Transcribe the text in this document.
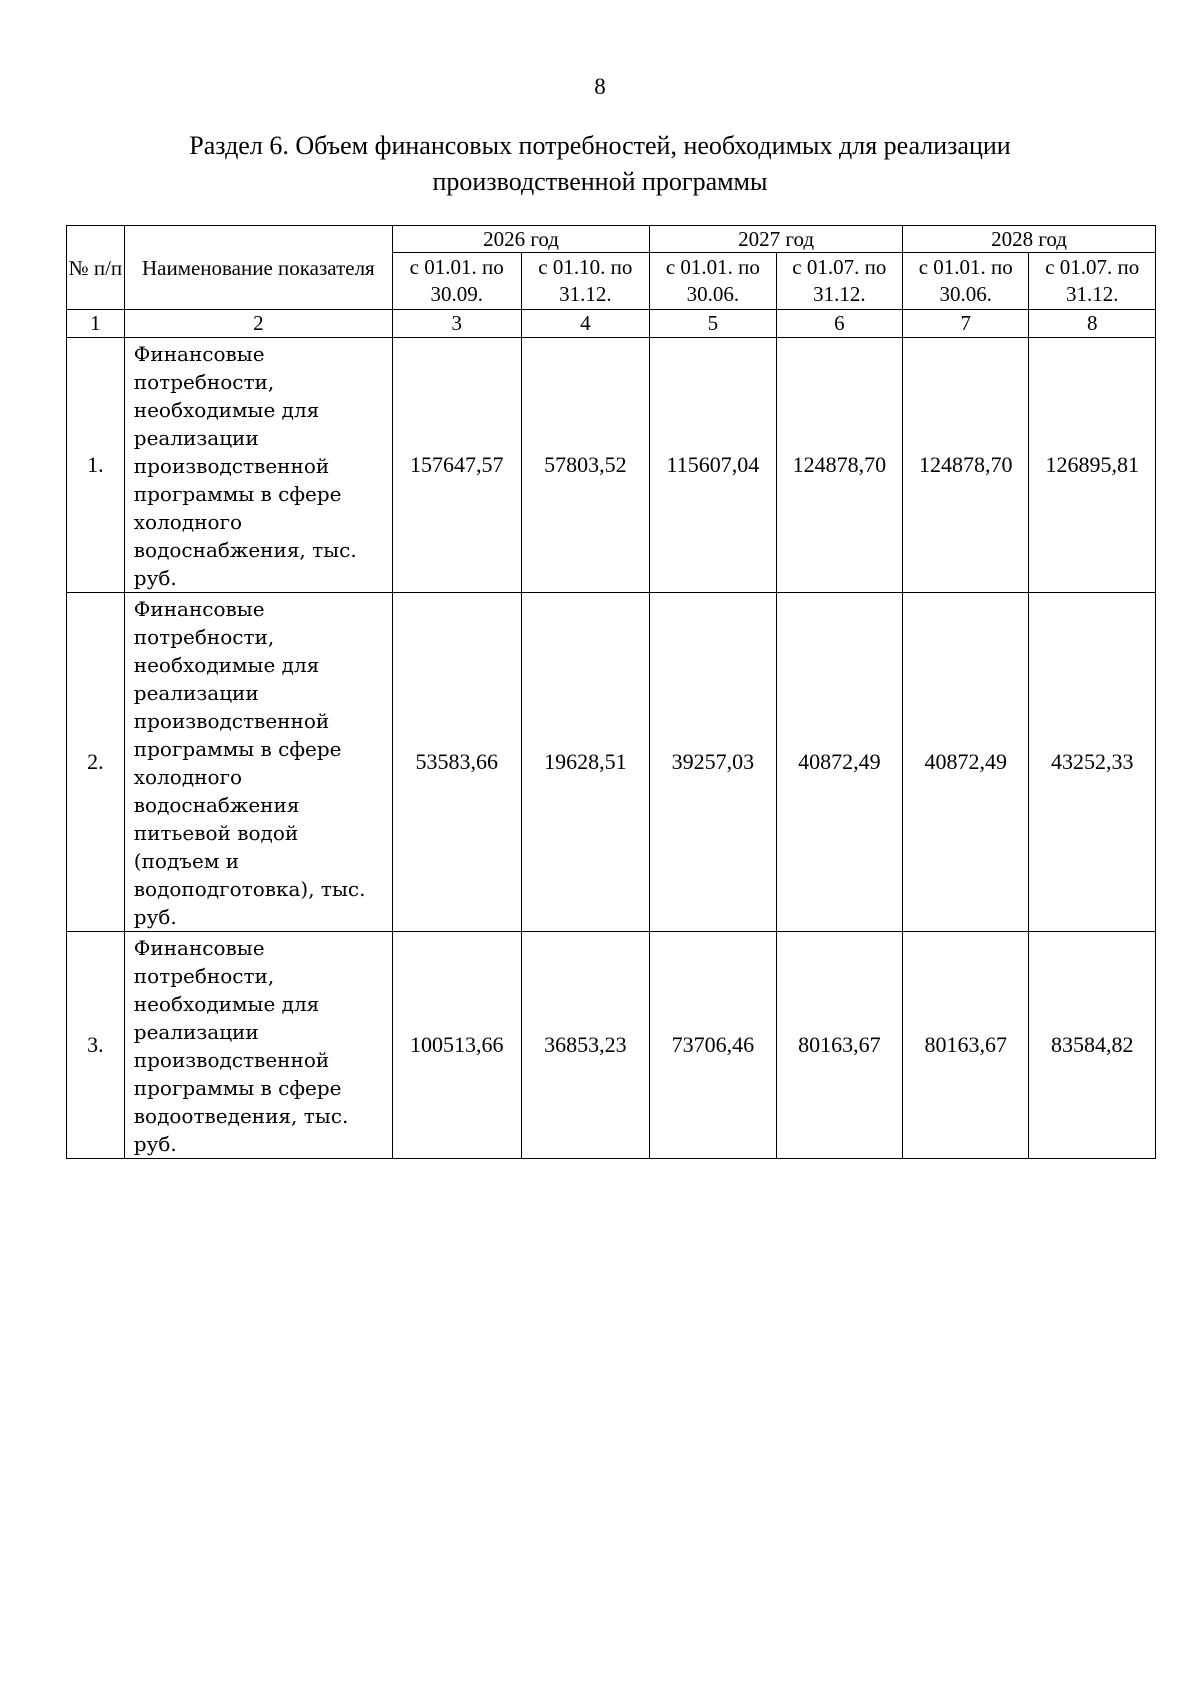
8
Раздел 6. Объем финансовых потребностей, необходимых для реализации
производственной программы
№ п/п	Наименование показателя	2026 год		2027 год		2028 год	
		с 01.01. по 30.09.	с 01.10. по 31.12.	с 01.01. по 30.06.	с 01.07. по 31.12.	с 01.01. по 30.06.	с 01.07. по 31.12.
1	2	3	4	5	6	7	8
1.	Финансовые потребности, необходимые для реализации производственной программы в сфере холодного водоснабжения, тыс. руб.	157647,57	57803,52	115607,04	124878,70	124878,70	126895,81
2.	Финансовые потребности, необходимые для реализации производственной программы в сфере холодного водоснабжения питьевой водой (подъем и водоподготовка), тыс. руб.	53583,66	19628,51	39257,03	40872,49	40872,49	43252,33
3.	Финансовые потребности, необходимые для реализации производственной программы в сфере водоотведения, тыс. руб.	100513,66	36853,23	73706,46	80163,67	80163,67	83584,82
